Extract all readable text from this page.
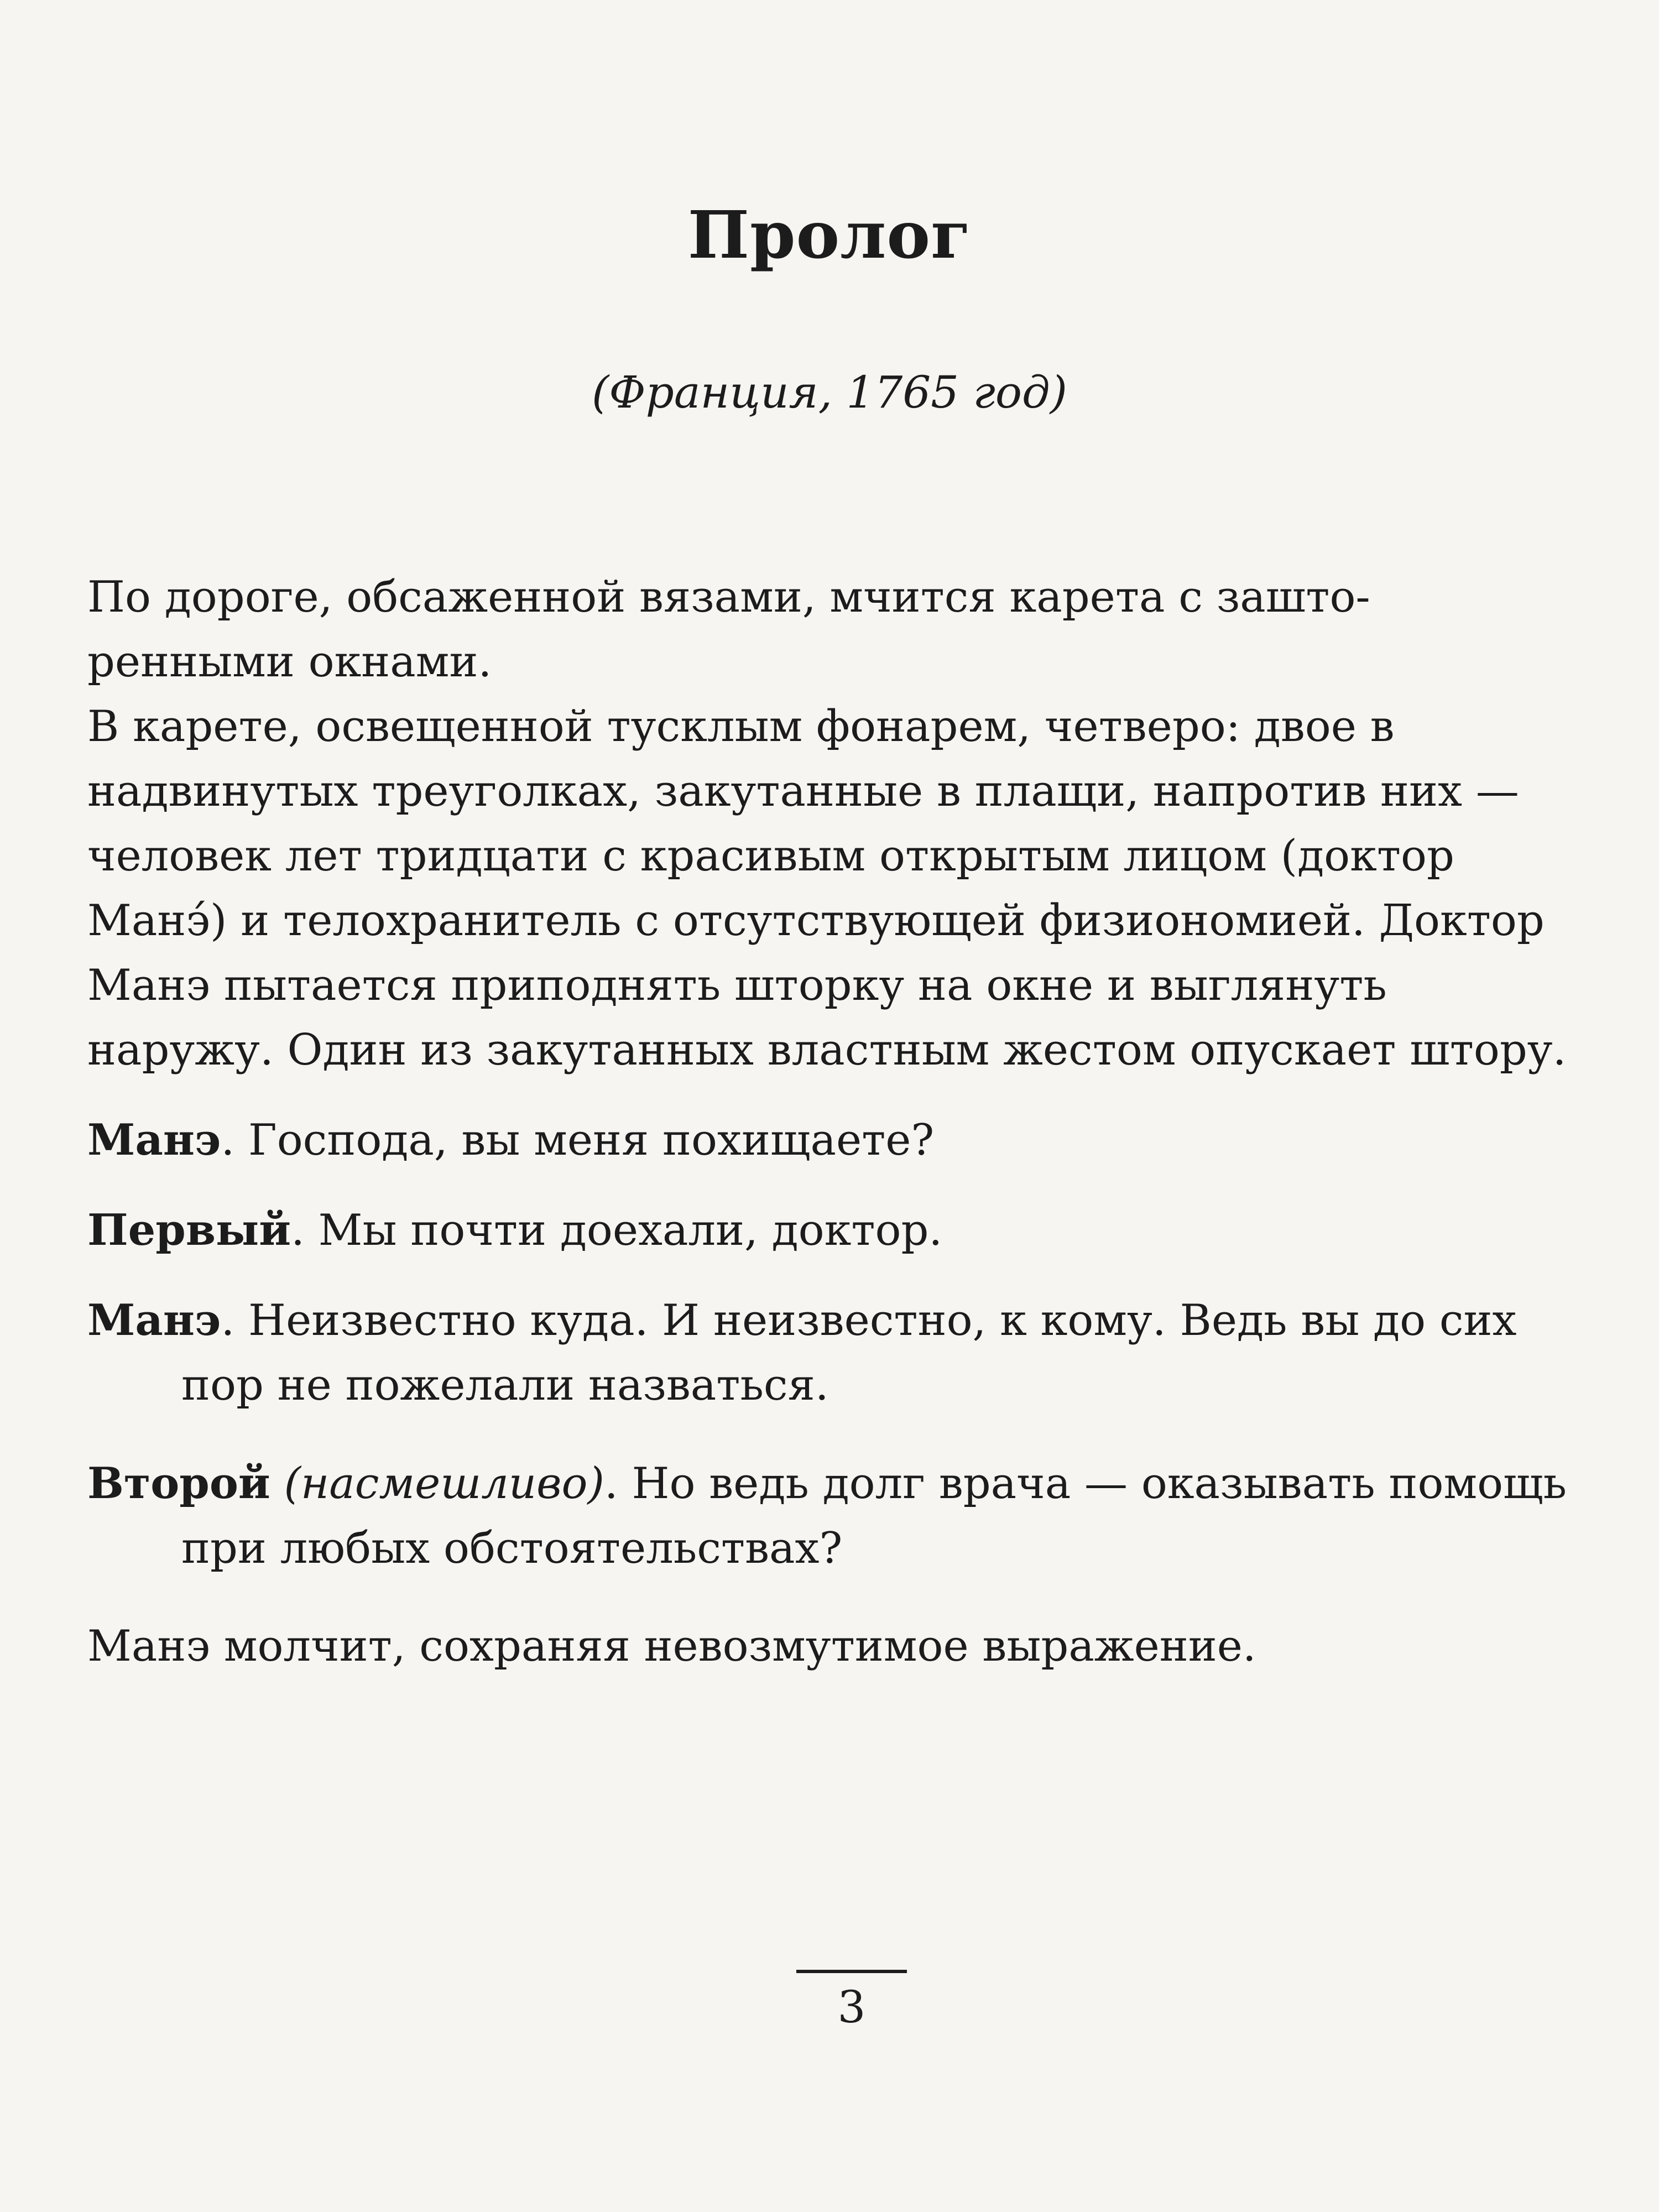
Пролог

(Франция, 1765 год)

По дороге, обсаженной вязами, мчится карета с зашто-
ренными окнами.

В карете, освещенной тусклым фонарем, четверо: двое в надвинутых треуголках, закутанные в плащи, напротив них — человек лет тридцати с красивым открытым лицом (доктор Манэ́) и телохранитель с отсутствующей физиономией. Доктор Манэ пытается приподнять шторку на окне и выглянуть наружу. Один из закутанных властным жестом опускает штору.

Манэ. Господа, вы меня похищаете?

Первый. Мы почти доехали, доктор.

Манэ. Неизвестно куда. И неизвестно, к кому. Ведь вы до сих пор не пожелали назваться.

Второй (насмешливо). Но ведь долг врача — оказывать помощь при любых обстоятельствах?

Манэ молчит, сохраняя невозмутимое выражение.

3
